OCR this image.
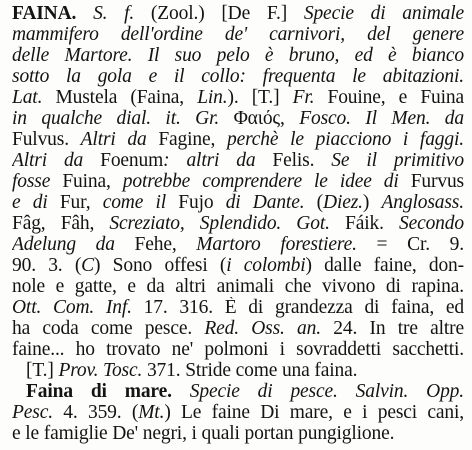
FAINA. S. f. (Zool.) [De F.] Specie di animale
mammifero dell'ordine de' carnivori, del genere
delle Martore. Il suo pelo è bruno, ed è bianco
sotto la gola e il collo: frequenta le abitazioni.
Lat. Mustela (Faina, Lin.). [T.] Fr. Fouine, e Fuina
in qualche dial. it. Gr. Φαιός, Fosco. Il Men. da
Fulvus. Altri da Fagine, perchè le piacciono i faggi.
Altri da Foenum: altri da Felis. Se il primitivo
fosse Fuina, potrebbe comprendere le idee di Furvus
e di Fur, come il Fujo di Dante. (Diez.) Anglosass.
Fâg, Fâh, Screziato, Splendido. Got. Fáik. Secondo
Adelung da Fehe, Martoro forestiere. = Cr. 9.
90. 3. (C) Sono offesi (i colombi) dalle faine, don-
nole e gatte, e da altri animali che vivono di rapina.
Ott. Com. Inf. 17. 316. È di grandezza di faina, ed
ha coda come pesce. Red. Oss. an. 24. In tre altre
faine... ho trovato ne' polmoni i sovraddetti sacchetti.
[T.] Prov. Tosc. 371. Stride come una faina.
Faina di mare. Specie di pesce. Salvin. Opp.
Pesc. 4. 359. (Mt.) Le faine Di mare, e i pesci cani,
e le famiglie De' negri, i quali portan pungiglione.
